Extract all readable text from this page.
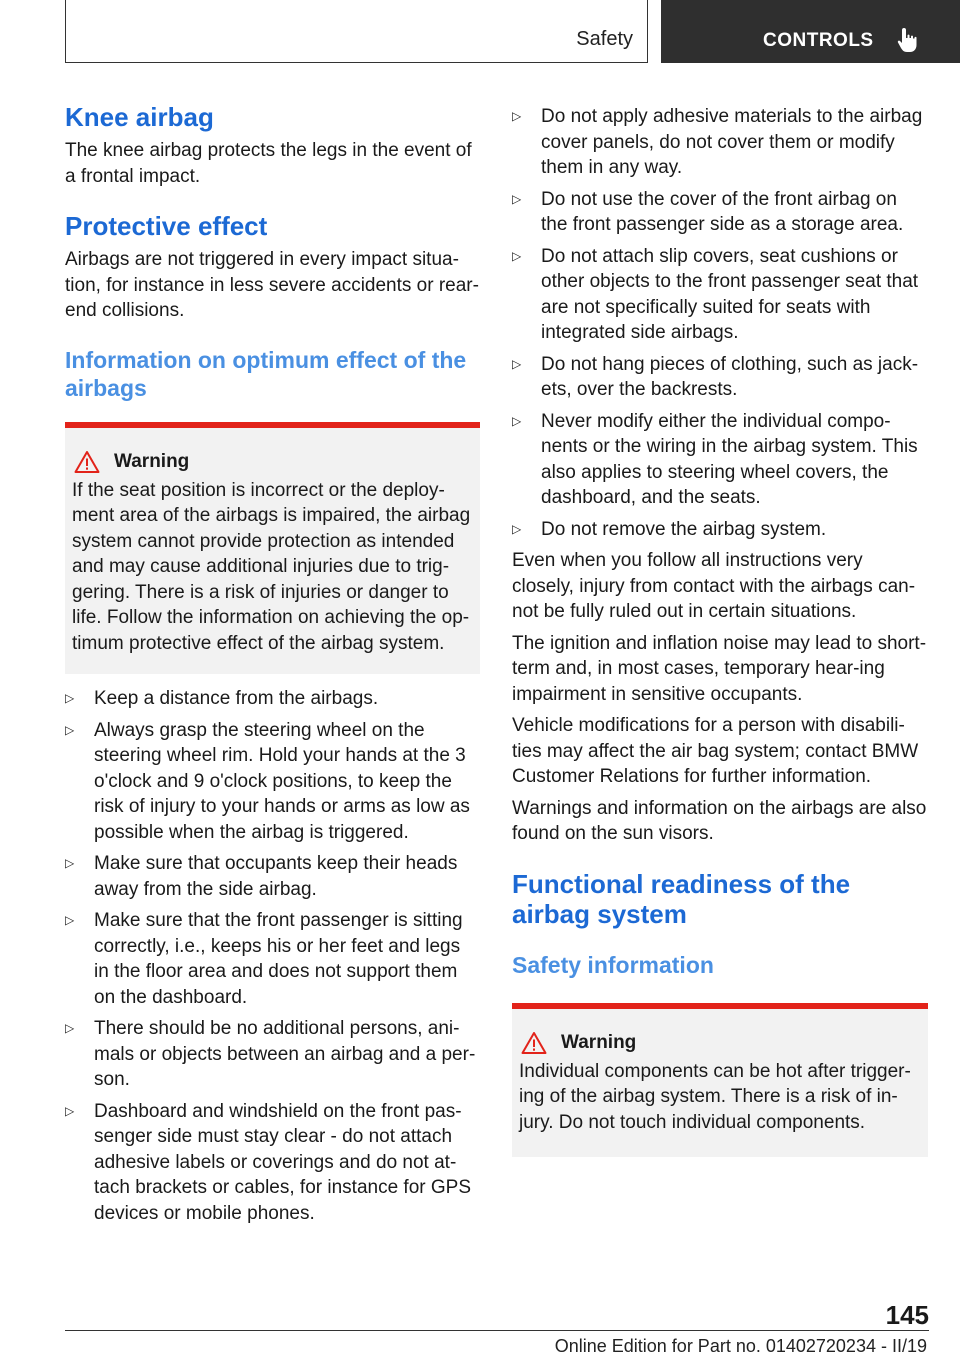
Safety	CONTROLS
Knee airbag

The knee airbag protects the legs in the event of a frontal impact.

Protective effect

Airbags are not triggered in every impact situa‐tion, for instance in less severe accidents or rear-end collisions.

Information on optimum effect of the airbags
Warning

If the seat position is incorrect or the deploy‐ment area of the airbags is impaired, the airbag system cannot provide protection as intended and may cause additional injuries due to trig‐gering. There is a risk of injuries or danger to life. Follow the information on achieving the op‐timum protective effect of the airbag system.

▷ Keep a distance from the airbags.
▷ Always grasp the steering wheel on the steering wheel rim. Hold your hands at the 3 o'clock and 9 o'clock positions, to keep the risk of injury to your hands or arms as low as possible when the airbag is triggered.
▷ Make sure that occupants keep their heads away from the side airbag.
▷ Make sure that the front passenger is sitting correctly, i.e., keeps his or her feet and legs in the floor area and does not support them on the dashboard.
▷ There should be no additional persons, ani‐mals or objects between an airbag and a per‐son.
▷ Dashboard and windshield on the front pas‐senger side must stay clear - do not attach adhesive labels or coverings and do not at‐tach brackets or cables, for instance for GPS devices or mobile phones.
▷ Do not apply adhesive materials to the airbag cover panels, do not cover them or modify them in any way.
▷ Do not use the cover of the front airbag on the front passenger side as a storage area.
▷ Do not attach slip covers, seat cushions or other objects to the front passenger seat that are not specifically suited for seats with integrated side airbags.
▷ Do not hang pieces of clothing, such as jack‐ets, over the backrests.
▷ Never modify either the individual compo‐nents or the wiring in the airbag system. This also applies to steering wheel covers, the dashboard, and the seats.
▷ Do not remove the airbag system.

Even when you follow all instructions very closely, injury from contact with the airbags can‐not be fully ruled out in certain situations.

The ignition and inflation noise may lead to short-term and, in most cases, temporary hear‐ing impairment in sensitive occupants.

Vehicle modifications for a person with disabili‐ties may affect the air bag system; contact BMW Customer Relations for further information.

Warnings and information on the airbags are also found on the sun visors.

Functional readiness of the airbag system
Safety information
Warning

Individual components can be hot after trigger‐ing of the airbag system. There is a risk of in‐jury. Do not touch individual components.

145
Online Edition for Part no. 01402720234 - II/19
